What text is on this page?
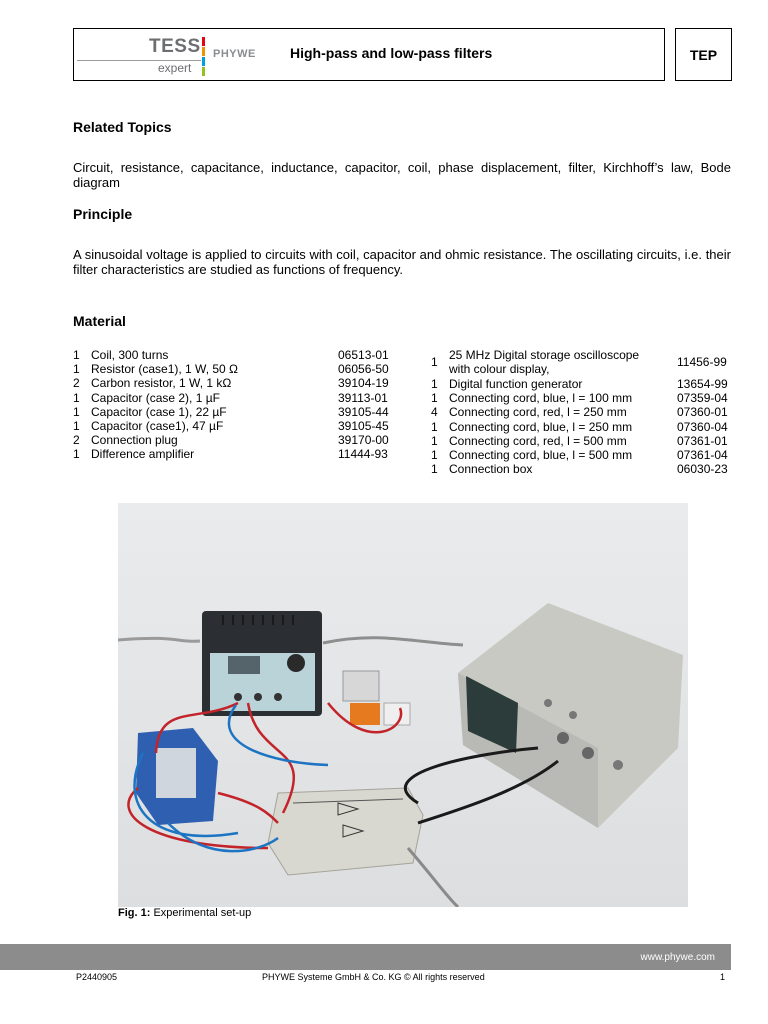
TESS
expert
PHYWE High-pass and low-pass filters	TEP
Related Topics

Circuit, resistance, capacitance, inductance, capacitor, coil, phase displacement, filter, Kirchhoff’s law, Bode diagram

Principle

A sinusoidal voltage is applied to circuits with coil, capacitor and ohmic resistance. The oscillating circuits, i.e. their filter characteristics are studied as functions of frequency.

Material
1 Coil, 300 turns	06513-01
1 Resistor (case1), 1 W, 50 Ω	06056-50
2 Carbon resistor, 1 W, 1 kΩ	39104-19
1 Capacitor (case 2), 1 µF	39113-01
1 Capacitor (case 1), 22 µF	39105-44
1 Capacitor (case1), 47 µF	39105-45
2 Connection plug	39170-00
1 Difference amplifier	11444-93
1 25 MHz Digital storage oscilloscope
with colour display,	11456-99
1 Digital function generator	13654-99
1 Connecting cord, blue, l = 100 mm	07359-04
4 Connecting cord, red, l = 250 mm	07360-01
1 Connecting cord, blue, l = 250 mm	07360-04
1 Connecting cord, red, l = 500 mm	07361-01
1 Connecting cord, blue, l = 500 mm	07361-04
1 Connection box	06030-23
Fig. 1: Experimental set-up
www.phywe.com
P2440905	PHYWE Systeme GmbH & Co. KG © All rights reserved	1
